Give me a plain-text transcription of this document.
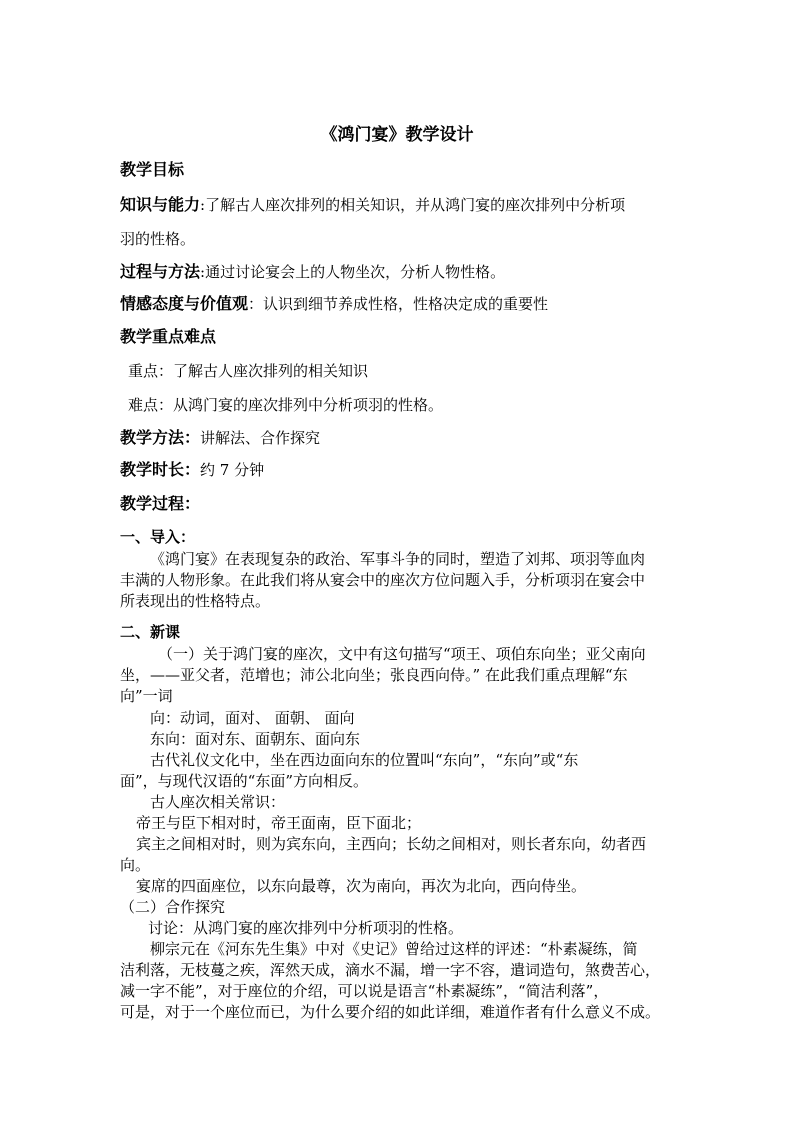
《鸿门宴》教学设计
教学目标
知识与能力:了解古人座次排列的相关知识，并从鸿门宴的座次排列中分析项
羽的性格。
过程与方法:通过讨论宴会上的人物坐次，分析人物性格。
情感态度与价值观：认识到细节养成性格，性格决定成的重要性
教学重点难点
重点：了解古人座次排列的相关知识
难点：从鸿门宴的座次排列中分析项羽的性格。
教学方法：讲解法、合作探究
教学时长：约 7 分钟
教学过程：
一、导入：
《鸿门宴》在表现复杂的政治、军事斗争的同时，塑造了刘邦、项羽等血肉
丰满的人物形象。在此我们将从宴会中的座次方位问题入手，分析项羽在宴会中
所表现出的性格特点。
二、新课
（一）关于鸿门宴的座次，文中有这句描写“项王、项伯东向坐；亚父南向
坐，——亚父者，范增也；沛公北向坐；张良西向侍。” 在此我们重点理解“东
向”一词
向：动词，面对、 面朝、 面向
东向：面对东、面朝东、面向东
古代礼仪文化中，坐在西边面向东的位置叫“东向”，“东向”或“东
面”，与现代汉语的“东面”方向相反。
古人座次相关常识：
帝王与臣下相对时，帝王面南，臣下面北；
宾主之间相对时，则为宾东向，主西向；长幼之间相对，则长者东向，幼者西
向。
宴席的四面座位，以东向最尊，次为南向，再次为北向，西向侍坐。
（二）合作探究
讨论：从鸿门宴的座次排列中分析项羽的性格。
柳宗元在《河东先生集》中对《史记》曾给过这样的评述：“朴素凝练，简
洁利落，无枝蔓之疾，浑然天成，滴水不漏，增一字不容，遣词造句，煞费苦心，
减一字不能”，对于座位的介绍，可以说是语言“朴素凝练”，“简洁利落”，
可是，对于一个座位而已，为什么要介绍的如此详细，难道作者有什么意义不成。
